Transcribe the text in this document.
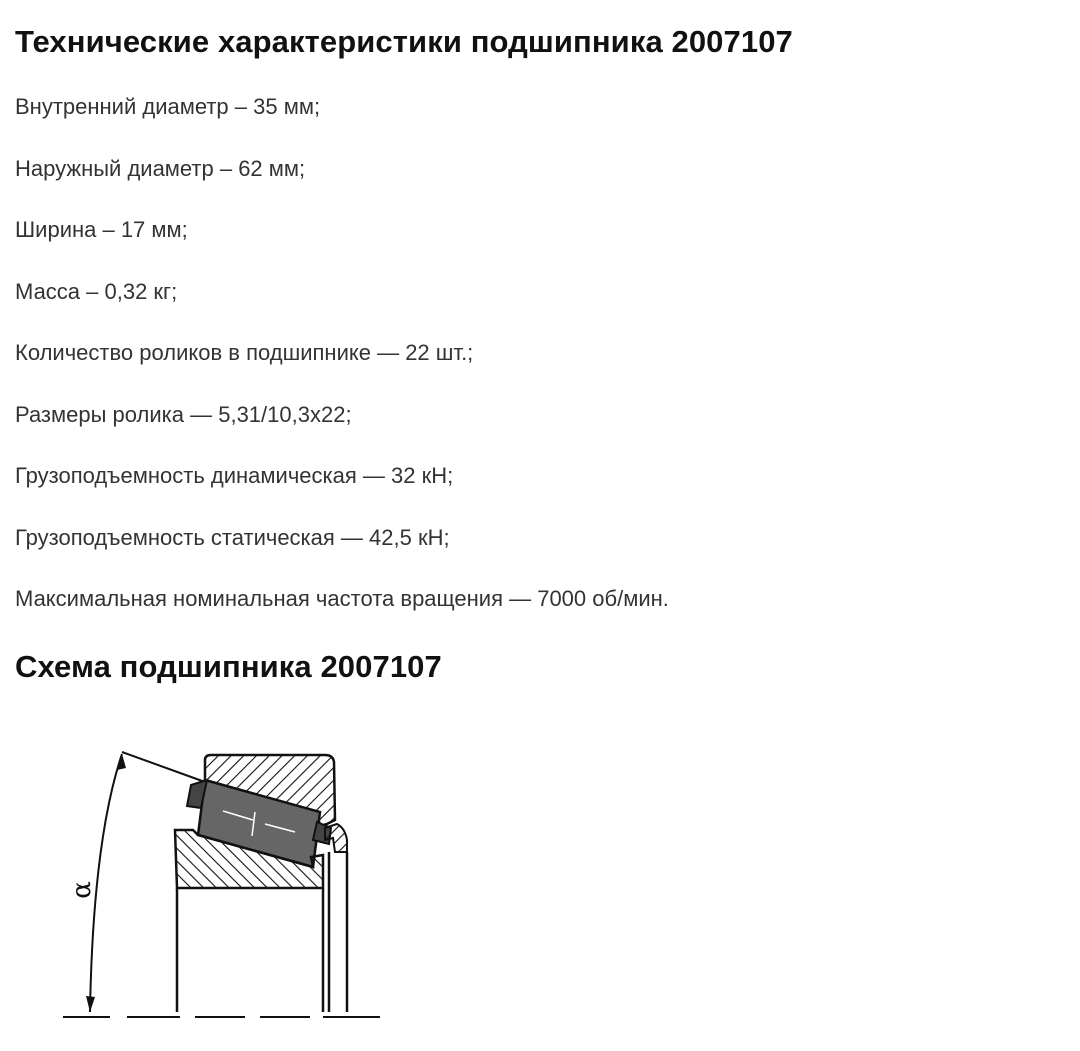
Технические характеристики подшипника 2007107
Внутренний диаметр – 35 мм;
Наружный диаметр – 62 мм;
Ширина – 17 мм;
Масса – 0,32 кг;
Количество роликов в подшипнике — 22 шт.;
Размеры ролика — 5,31/10,3х22;
Грузоподъемность динамическая — 32 кН;
Грузоподъемность статическая — 42,5 кН;
Максимальная номинальная частота вращения — 7000 об/мин.
Схема подшипника 2007107
α
